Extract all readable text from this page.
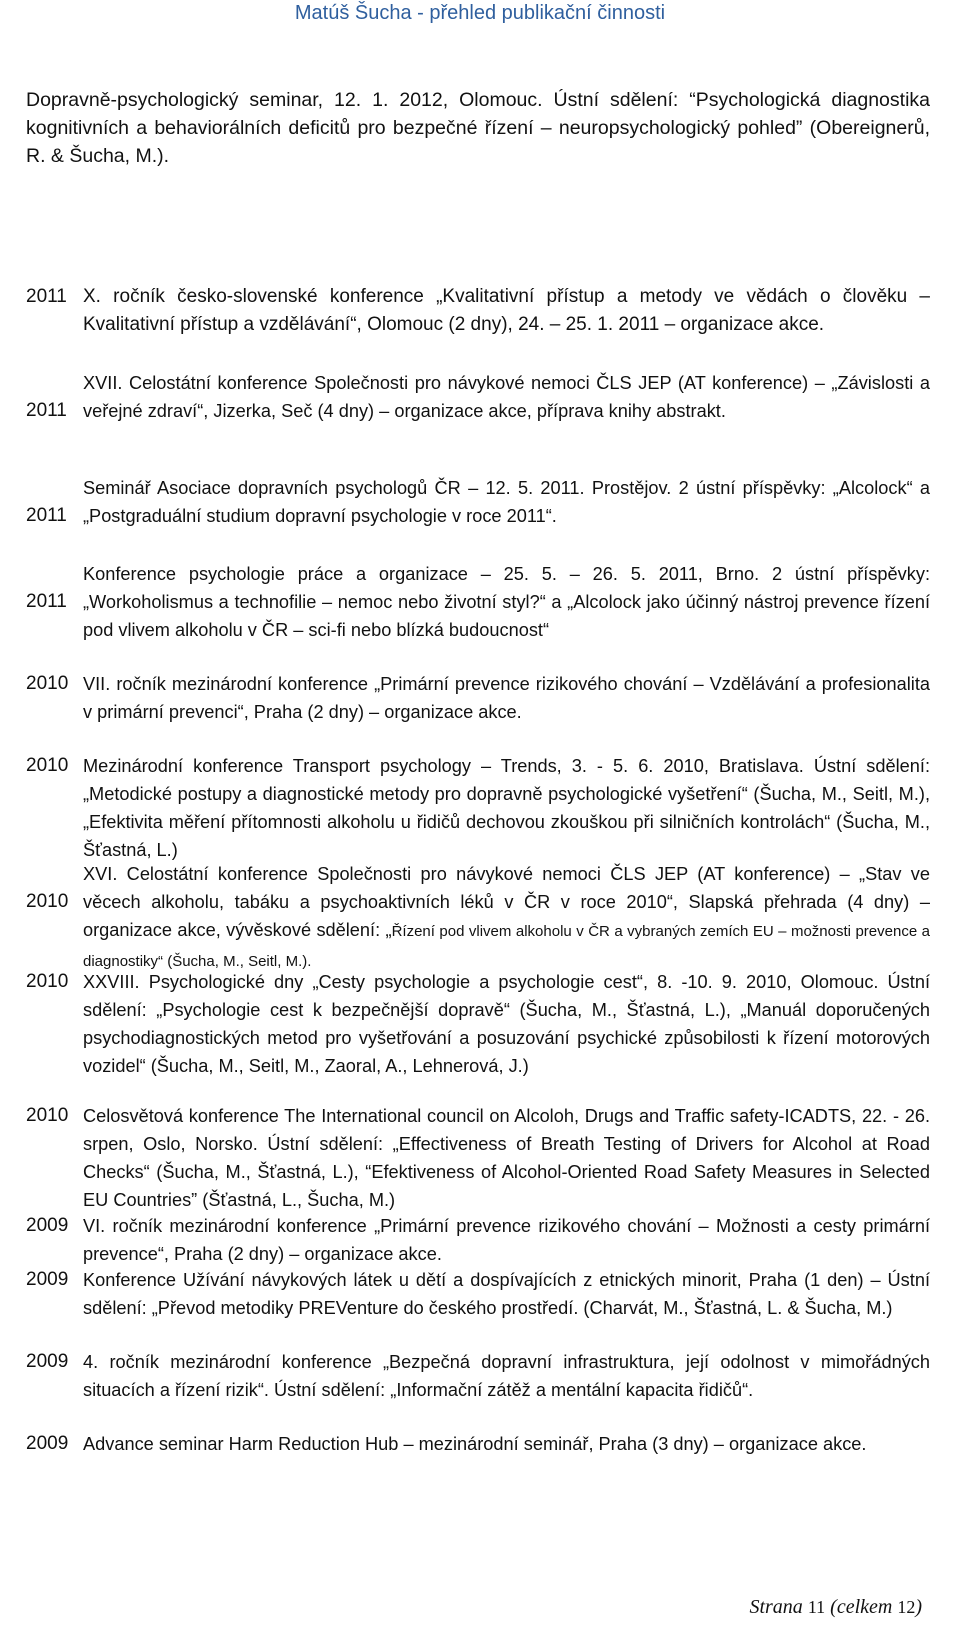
Matúš Šucha - přehled publikační činnosti
Dopravně-psychologický seminar, 12. 1. 2012, Olomouc. Ústní sdělení: “Psychologická diagnostika kognitivních a behaviorálních deficitů pro bezpečné řízení – neuropsychologický pohled” (Obereignerů, R. & Šucha, M.).
2011 X. ročník česko-slovenské konference „Kvalitativní přístup a metody ve vědách o člověku – Kvalitativní přístup a vzdělávání“, Olomouc (2 dny), 24. – 25. 1. 2011 – organizace akce.
2011
XVII. Celostátní konference Společnosti pro návykové nemoci ČLS JEP (AT konference) – „Závislosti a veřejné zdraví“, Jizerka, Seč (4 dny) – organizace akce, příprava knihy abstrakt.
2011
Seminář Asociace dopravních psychologů ČR – 12. 5. 2011. Prostějov. 2 ústní příspěvky: „Alcolock“ a „Postgraduální studium dopravní psychologie v roce 2011“.
2011
Konference psychologie práce a organizace – 25. 5. – 26. 5. 2011, Brno. 2 ústní příspěvky: „Workoholismus a technofilie – nemoc nebo životní styl?“ a „Alcolock jako účinný nástroj prevence řízení pod vlivem alkoholu v ČR – sci-fi nebo blízká budoucnost“
2010 VII. ročník mezinárodní konference „Primární prevence rizikového chování – Vzdělávání a profesionalita v primární prevenci“, Praha (2 dny) – organizace akce.
2010 Mezinárodní konference Transport psychology – Trends, 3. - 5. 6. 2010, Bratislava. Ústní sdělení: „Metodické postupy a diagnostické metody pro dopravně psychologické vyšetření“ (Šucha, M., Seitl, M.), „Efektivita měření přítomnosti alkoholu u řidičů dechovou zkouškou při silničních kontrolách“ (Šucha, M., Šťastná, L.)
2010
XVI. Celostátní konference Společnosti pro návykové nemoci ČLS JEP (AT konference) – „Stav ve věcech alkoholu, tabáku a psychoaktivních léků v ČR v roce 2010“, Slapská přehrada (4 dny) – organizace akce, vývěskové sdělení: „Řízení pod vlivem alkoholu v ČR a vybraných zemích EU – možnosti prevence a diagnostiky“ (Šucha, M., Seitl, M.).
2010 XXVIII. Psychologické dny „Cesty psychologie a psychologie cest“, 8. -10. 9. 2010, Olomouc. Ústní sdělení: „Psychologie cest k bezpečnější dopravě“ (Šucha, M., Šťastná, L.), „Manuál doporučených psychodiagnostických metod pro vyšetřování a posuzování psychické způsobilosti k řízení motorových vozidel“ (Šucha, M., Seitl, M., Zaoral, A., Lehnerová, J.)
2010 Celosvětová konference The International council on Alcoloh, Drugs and Traffic safety-ICADTS, 22. - 26. srpen, Oslo, Norsko. Ústní sdělení: „Effectiveness of Breath Testing of Drivers for Alcohol at Road Checks“ (Šucha, M., Šťastná, L.), “Efektiveness of Alcohol-Oriented Road Safety Measures in Selected EU Countries” (Šťastná, L., Šucha, M.)
2009 VI. ročník mezinárodní konference „Primární prevence rizikového chování – Možnosti a cesty primární prevence“, Praha (2 dny) – organizace akce.
2009 Konference Užívání návykových látek u dětí a dospívajících z etnických minorit, Praha (1 den) – Ústní sdělení: „Převod metodiky PREVenture do českého prostředí. (Charvát, M., Šťastná, L. & Šucha, M.)
2009 4. ročník mezinárodní konference „Bezpečná dopravní infrastruktura, její odolnost v mimořádných situacích a řízení rizik“. Ústní sdělení: „Informační zátěž a mentální kapacita řidičů“.
2009 Advance seminar Harm Reduction Hub – mezinárodní seminář, Praha (3 dny) – organizace akce.
Strana 11 (celkem 12)
